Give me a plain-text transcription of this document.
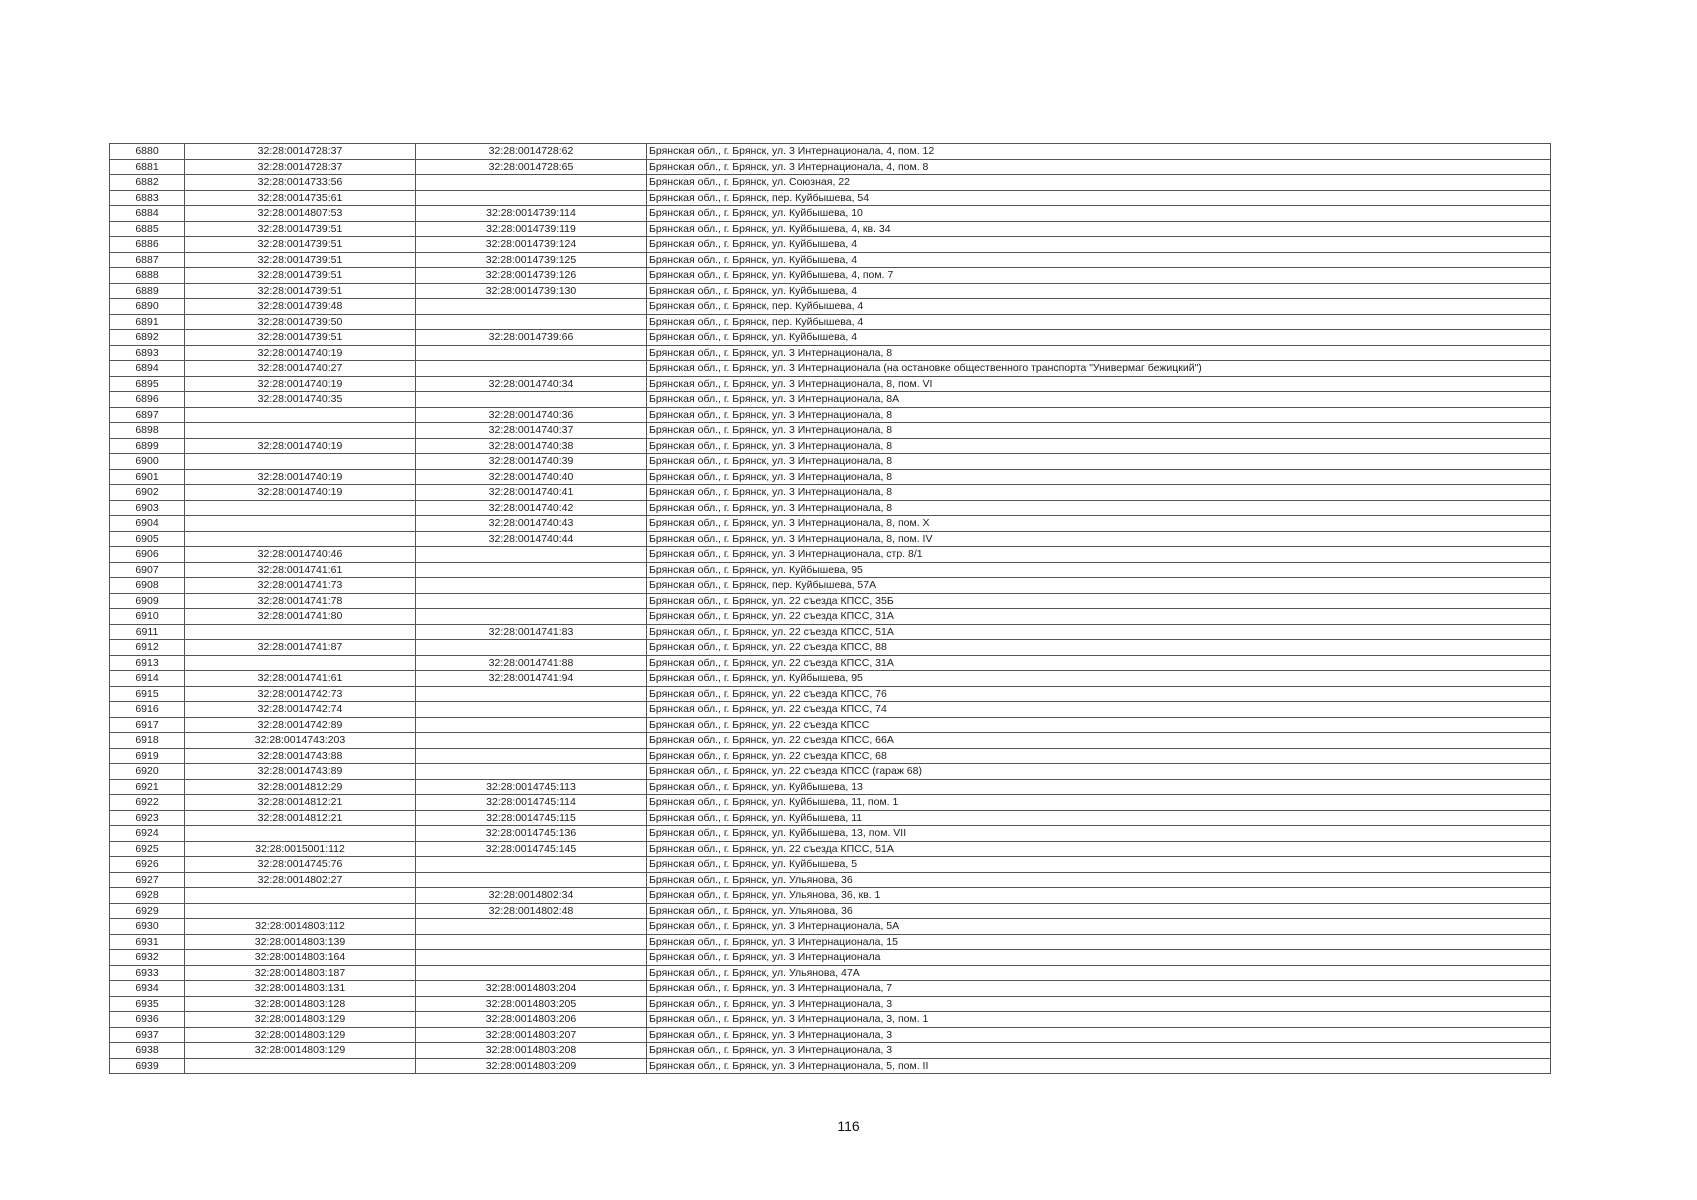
6880	32:28:0014728:37	32:28:0014728:62	Брянская обл., г. Брянск, ул. 3 Интернационала, 4, пом. 12
6881	32:28:0014728:37	32:28:0014728:65	Брянская обл., г. Брянск, ул. 3 Интернационала, 4, пом. 8
6882	32:28:0014733:56		Брянская обл., г. Брянск, ул. Союзная, 22
6883	32:28:0014735:61		Брянская обл., г. Брянск, пер. Куйбышева, 54
6884	32:28:0014807:53	32:28:0014739:114	Брянская обл., г. Брянск, ул. Куйбышева, 10
6885	32:28:0014739:51	32:28:0014739:119	Брянская обл., г. Брянск, ул. Куйбышева, 4, кв. 34
6886	32:28:0014739:51	32:28:0014739:124	Брянская обл., г. Брянск, ул. Куйбышева, 4
6887	32:28:0014739:51	32:28:0014739:125	Брянская обл., г. Брянск, ул. Куйбышева, 4
6888	32:28:0014739:51	32:28:0014739:126	Брянская обл., г. Брянск, ул. Куйбышева, 4, пом. 7
6889	32:28:0014739:51	32:28:0014739:130	Брянская обл., г. Брянск, ул. Куйбышева, 4
6890	32:28:0014739:48		Брянская обл., г. Брянск, пер. Куйбышева, 4
6891	32:28:0014739:50		Брянская обл., г. Брянск, пер. Куйбышева, 4
6892	32:28:0014739:51	32:28:0014739:66	Брянская обл., г. Брянск, ул. Куйбышева, 4
6893	32:28:0014740:19		Брянская обл., г. Брянск, ул. 3 Интернационала, 8
6894	32:28:0014740:27		Брянская обл., г. Брянск, ул. 3 Интернационала (на остановке общественного транспорта "Универмаг бежицкий")
6895	32:28:0014740:19	32:28:0014740:34	Брянская обл., г. Брянск, ул. 3 Интернационала, 8, пом. VI
6896	32:28:0014740:35		Брянская обл., г. Брянск, ул. 3 Интернационала, 8А
6897		32:28:0014740:36	Брянская обл., г. Брянск, ул. 3 Интернационала, 8
6898		32:28:0014740:37	Брянская обл., г. Брянск, ул. 3 Интернационала, 8
6899	32:28:0014740:19	32:28:0014740:38	Брянская обл., г. Брянск, ул. 3 Интернационала, 8
6900		32:28:0014740:39	Брянская обл., г. Брянск, ул. 3 Интернационала, 8
6901	32:28:0014740:19	32:28:0014740:40	Брянская обл., г. Брянск, ул. 3 Интернационала, 8
6902	32:28:0014740:19	32:28:0014740:41	Брянская обл., г. Брянск, ул. 3 Интернационала, 8
6903		32:28:0014740:42	Брянская обл., г. Брянск, ул. 3 Интернационала, 8
6904		32:28:0014740:43	Брянская обл., г. Брянск, ул. 3 Интернационала, 8, пом. X
6905		32:28:0014740:44	Брянская обл., г. Брянск, ул. 3 Интернационала, 8, пом. IV
6906	32:28:0014740:46		Брянская обл., г. Брянск, ул. 3 Интернационала, стр. 8/1
6907	32:28:0014741:61		Брянская обл., г. Брянск, ул. Куйбышева, 95
6908	32:28:0014741:73		Брянская обл., г. Брянск, пер. Куйбышева, 57А
6909	32:28:0014741:78		Брянская обл., г. Брянск, ул. 22 съезда КПСС, 35Б
6910	32:28:0014741:80		Брянская обл., г. Брянск, ул. 22 съезда КПСС, 31А
6911		32:28:0014741:83	Брянская обл., г. Брянск, ул. 22 съезда КПСС, 51А
6912	32:28:0014741:87		Брянская обл., г. Брянск, ул. 22 съезда КПСС, 88
6913		32:28:0014741:88	Брянская обл., г. Брянск, ул. 22 съезда КПСС, 31А
6914	32:28:0014741:61	32:28:0014741:94	Брянская обл., г. Брянск, ул. Куйбышева, 95
6915	32:28:0014742:73		Брянская обл., г. Брянск, ул. 22 съезда КПСС, 76
6916	32:28:0014742:74		Брянская обл., г. Брянск, ул. 22 съезда КПСС, 74
6917	32:28:0014742:89		Брянская обл., г. Брянск, ул. 22 съезда КПСС
6918	32:28:0014743:203		Брянская обл., г. Брянск, ул. 22 съезда КПСС, 66А
6919	32:28:0014743:88		Брянская обл., г. Брянск, ул. 22 съезда КПСС, 68
6920	32:28:0014743:89		Брянская обл., г. Брянск, ул. 22 съезда КПСС (гараж 68)
6921	32:28:0014812:29	32:28:0014745:113	Брянская обл., г. Брянск, ул. Куйбышева, 13
6922	32:28:0014812:21	32:28:0014745:114	Брянская обл., г. Брянск, ул. Куйбышева, 11, пом. 1
6923	32:28:0014812:21	32:28:0014745:115	Брянская обл., г. Брянск, ул. Куйбышева, 11
6924		32:28:0014745:136	Брянская обл., г. Брянск, ул. Куйбышева, 13, пом. VII
6925	32:28:0015001:112	32:28:0014745:145	Брянская обл., г. Брянск, ул. 22 съезда КПСС, 51А
6926	32:28:0014745:76		Брянская обл., г. Брянск, ул. Куйбышева, 5
6927	32:28:0014802:27		Брянская обл., г. Брянск, ул. Ульянова, 36
6928		32:28:0014802:34	Брянская обл., г. Брянск, ул. Ульянова, 36, кв. 1
6929		32:28:0014802:48	Брянская обл., г. Брянск, ул. Ульянова, 36
6930	32:28:0014803:112		Брянская обл., г. Брянск, ул. 3 Интернационала, 5А
6931	32:28:0014803:139		Брянская обл., г. Брянск, ул. 3 Интернационала, 15
6932	32:28:0014803:164		Брянская обл., г. Брянск, ул. 3 Интернационала
6933	32:28:0014803:187		Брянская обл., г. Брянск, ул. Ульянова, 47А
6934	32:28:0014803:131	32:28:0014803:204	Брянская обл., г. Брянск, ул. 3 Интернационала, 7
6935	32:28:0014803:128	32:28:0014803:205	Брянская обл., г. Брянск, ул. 3 Интернационала, 3
6936	32:28:0014803:129	32:28:0014803:206	Брянская обл., г. Брянск, ул. 3 Интернационала, 3, пом. 1
6937	32:28:0014803:129	32:28:0014803:207	Брянская обл., г. Брянск, ул. 3 Интернационала, 3
6938	32:28:0014803:129	32:28:0014803:208	Брянская обл., г. Брянск, ул. 3 Интернационала, 3
6939		32:28:0014803:209	Брянская обл., г. Брянск, ул. 3 Интернационала, 5, пом. II
116
